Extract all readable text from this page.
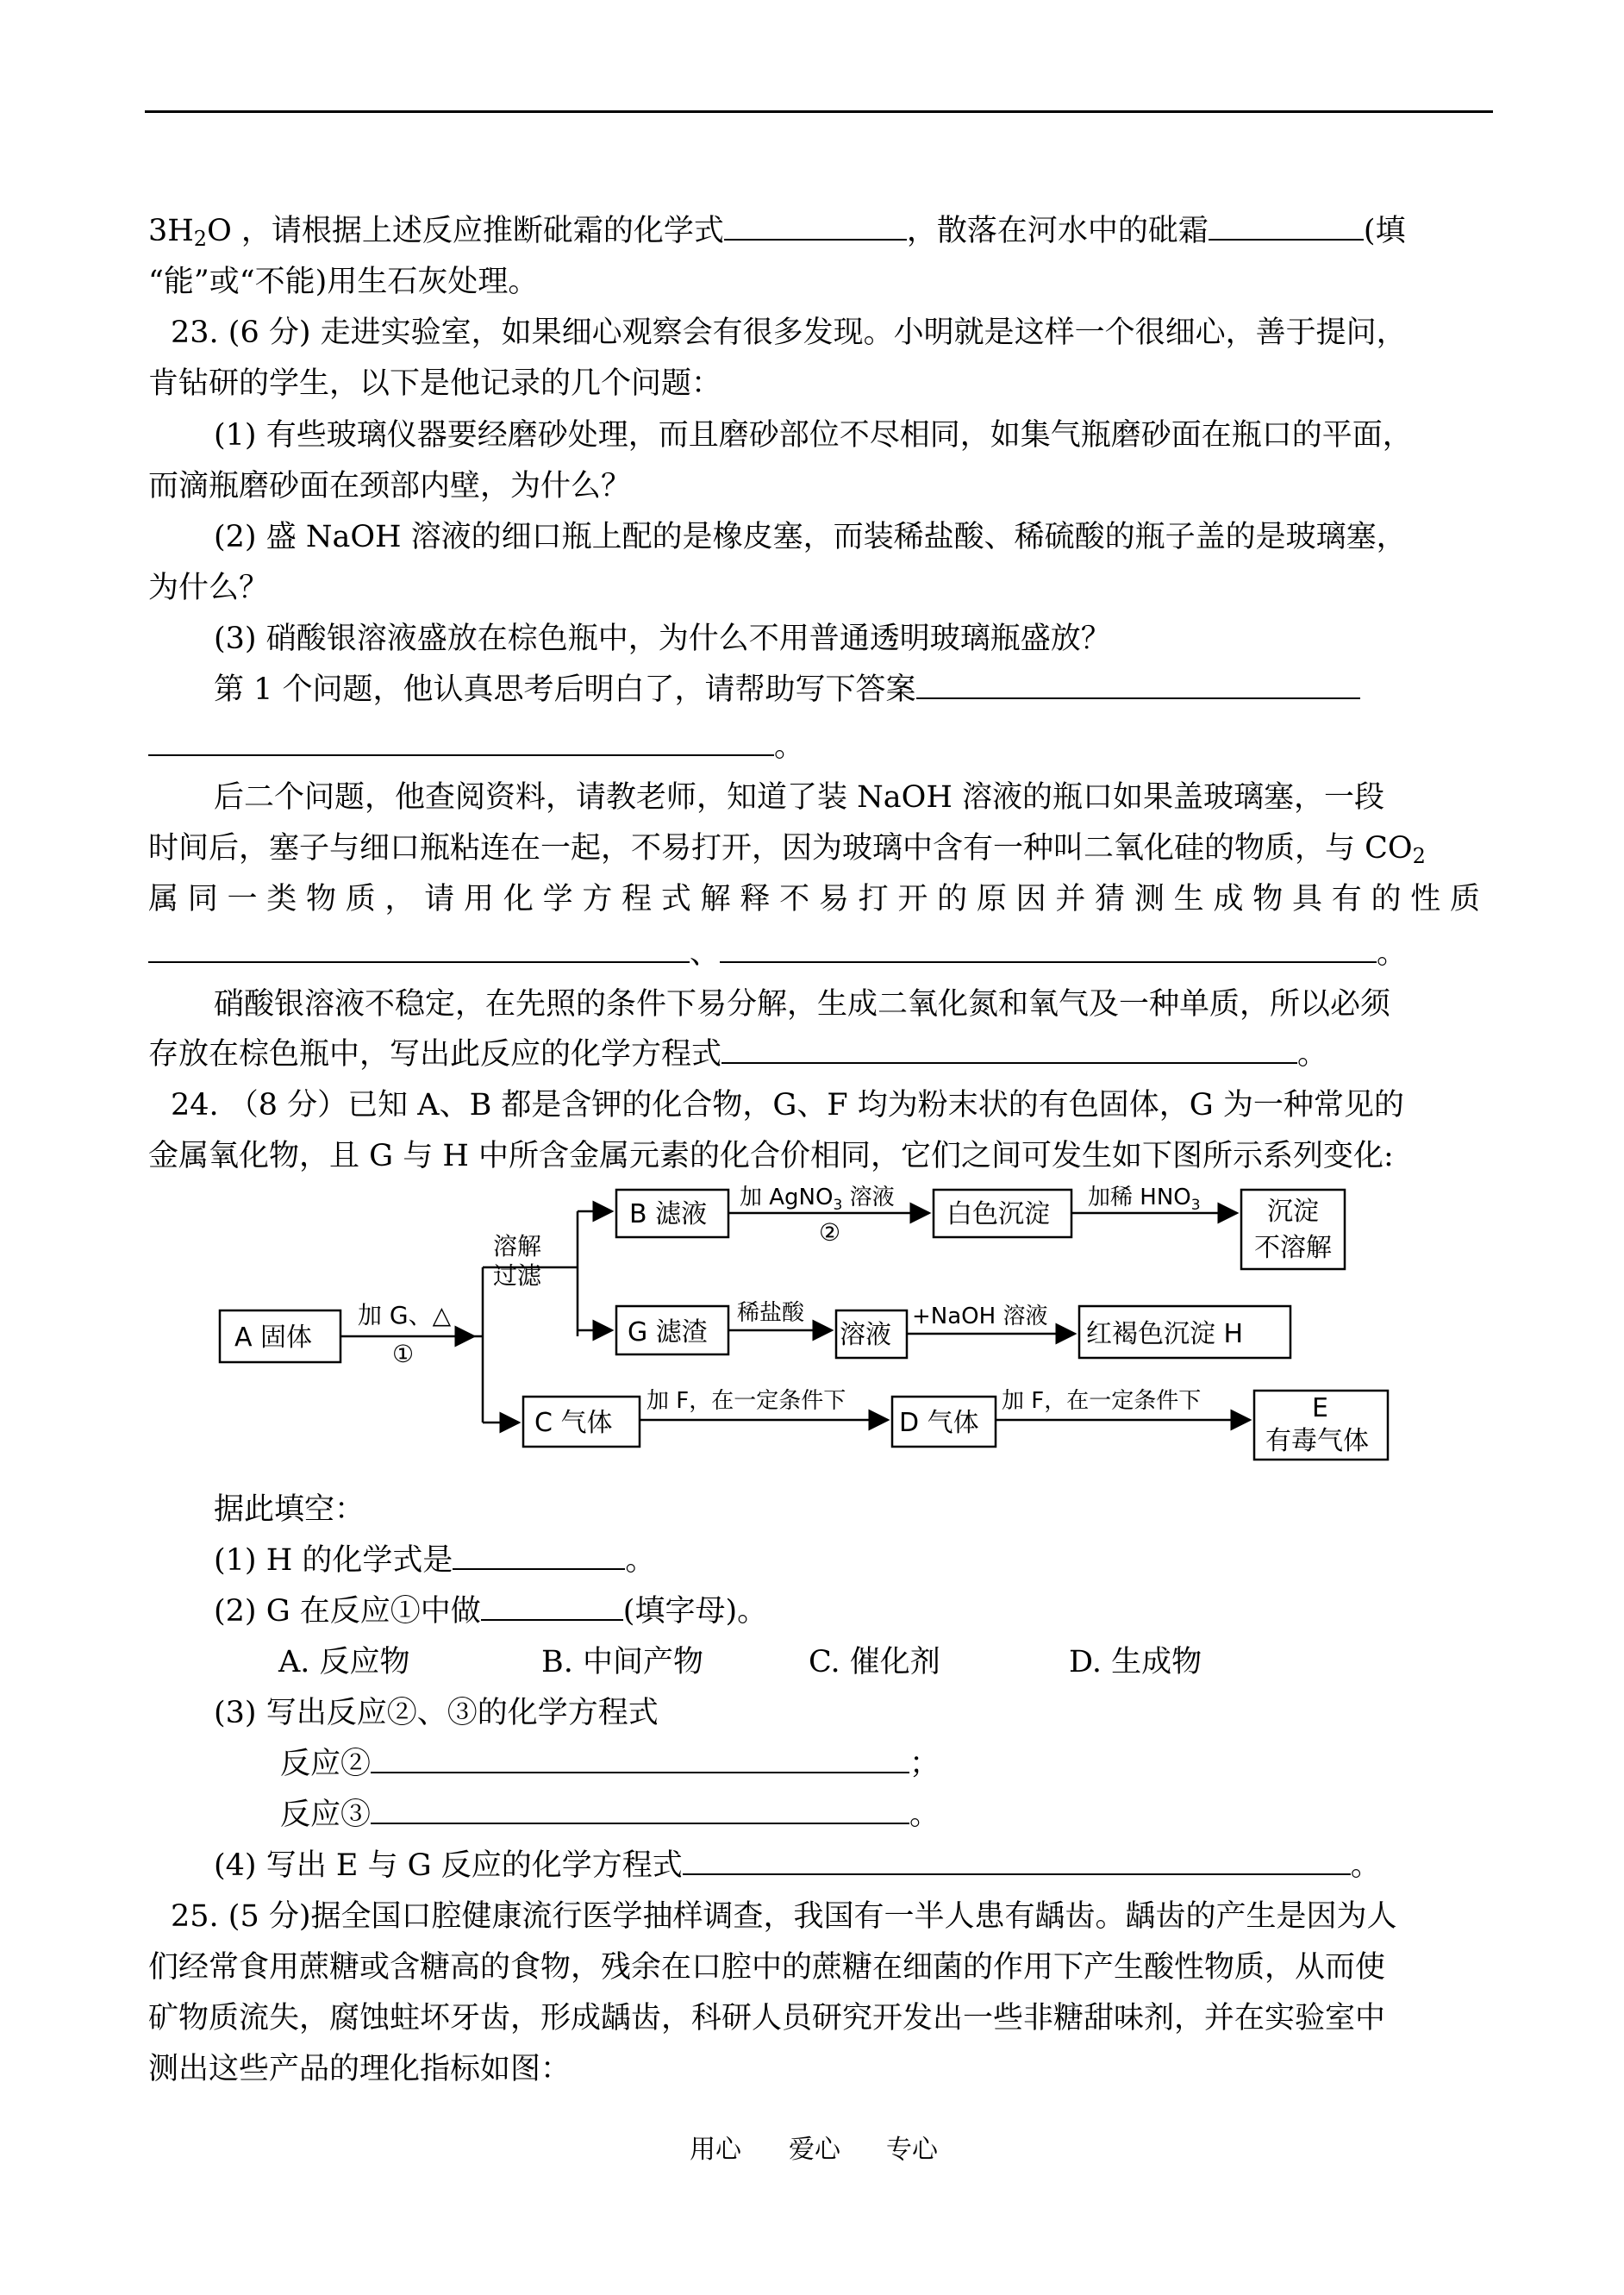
$3H_2O$ ，请根据上述反应推断砒霜的化学式	，散落在河水中的砒霜	(填
“能”或“不能)用生石灰处理。
23. (6 分) 走进实验室，如果细心观察会有很多发现。小明就是这样一个很细心，善于提问，
肯钻研的学生，以下是他记录的几个问题：
(1) 有些玻璃仪器要经磨砂处理，而且磨砂部位不尽相同，如集气瓶磨砂面在瓶口的平面，
而滴瓶磨砂面在颈部内壁，为什么？
(2) 盛 NaOH 溶液的细口瓶上配的是橡皮塞，而装稀盐酸、稀硫酸的瓶子盖的是玻璃塞，
为什么？
(3) 硝酸银溶液盛放在棕色瓶中，为什么不用普通透明玻璃瓶盛放？
第 1 个问题，他认真思考后明白了，请帮助写下答案
。
后二个问题，他查阅资料，请教老师，知道了装 NaOH 溶液的瓶口如果盖玻璃塞，一段
时间后，塞子与细口瓶粘连在一起，不易打开，因为玻璃中含有一种叫二氧化硅的物质，与 $CO_2$
属同一类物质，请用化学方程式解释不易打开的原因并猜测生成物具有的性质
、	。
硝酸银溶液不稳定，在先照的条件下易分解，生成二氧化氮和氧气及一种单质，所以必须
存放在棕色瓶中，写出此反应的化学方程式	。
24. （8 分）已知 A、B 都是含钾的化合物，G、F 均为粉末状的有色固体，G 为一种常见的
金属氧化物，且 G 与 H 中所含金属元素的化合价相同，它们之间可发生如下图所示系列变化:
A 固体
加 G、△
①
溶解
过滤
B 滤液
加 AgNO$_3$ 溶液
②
白色沉淀
加稀 $HNO_3$	沉淀
不溶解
G 滤渣
稀盐酸
溶液
+NaOH 溶液
红褐色沉淀 H
C 气体
加 F，在一定条件下
D 气体
加 F，在一定条件下	E
有毒气体
据此填空：
(1) H 的化学式是	。
(2) G 在反应①中做	(填字母)。
A. 反应物	B. 中间产物	C. 催化剂	D. 生成物
(3) 写出反应②、③的化学方程式
反应②	；
反应③	。
(4) 写出 E 与 G 反应的化学方程式	。
25. (5 分)据全国口腔健康流行医学抽样调查，我国有一半人患有龋齿。龋齿的产生是因为人
们经常食用蔗糖或含糖高的食物，残余在口腔中的蔗糖在细菌的作用下产生酸性物质，从而使
矿物质流失，腐蚀蛀坏牙齿，形成龋齿，科研人员研究开发出一些非糖甜味剂，并在实验室中
测出这些产品的理化指标如图：
用心 爱心 专心
